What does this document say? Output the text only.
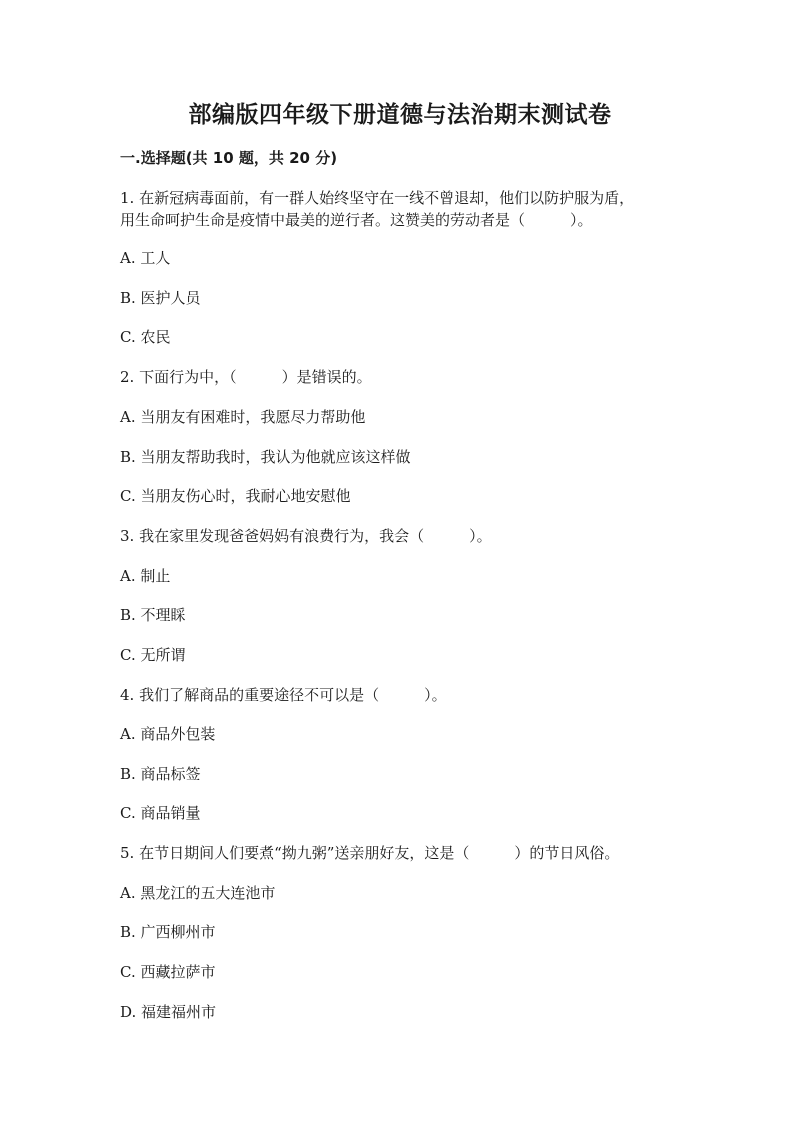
部编版四年级下册道德与法治期末测试卷
一.选择题(共 10 题，共 20 分)
1. 在新冠病毒面前，有一群人始终坚守在一线不曾退却，他们以防护服为盾，
用生命呵护生命是疫情中最美的逆行者。这赞美的劳动者是（　　　）。
A. 工人
B. 医护人员
C. 农民
2. 下面行为中，（　　　）是错误的。
A. 当朋友有困难时，我愿尽力帮助他
B. 当朋友帮助我时，我认为他就应该这样做
C. 当朋友伤心时，我耐心地安慰他
3. 我在家里发现爸爸妈妈有浪费行为，我会（　　　）。
A. 制止
B. 不理睬
C. 无所谓
4. 我们了解商品的重要途径不可以是（　　　）。
A. 商品外包装
B. 商品标签
C. 商品销量
5. 在节日期间人们要煮“拗九粥”送亲朋好友，这是（　　　）的节日风俗。
A. 黑龙江的五大连池市
B. 广西柳州市
C. 西藏拉萨市
D. 福建福州市
